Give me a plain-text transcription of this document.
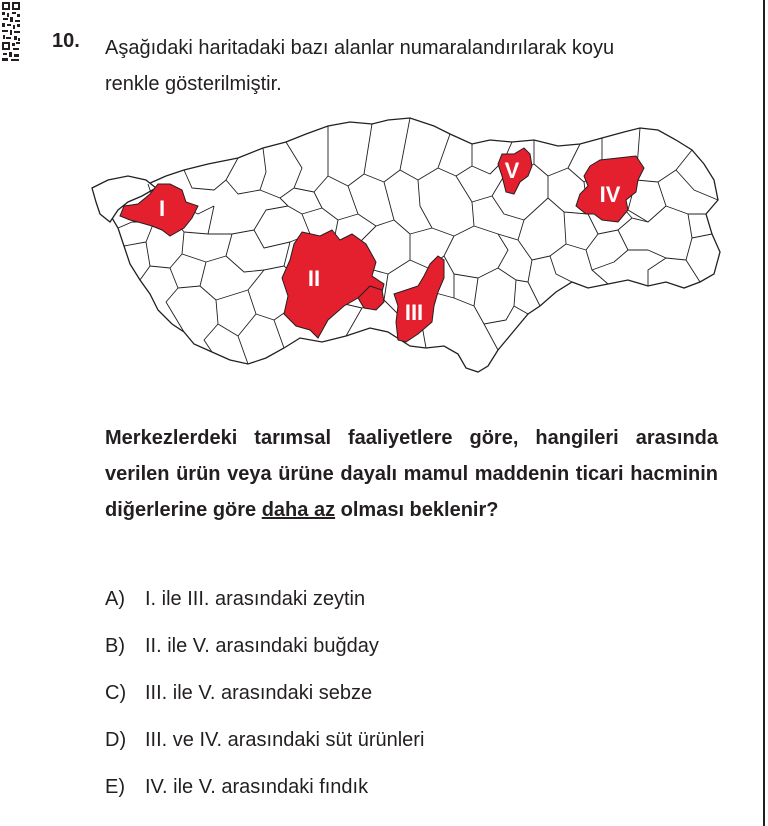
10. Aşağıdaki haritadaki bazı alanlar numaralandırılarak koyu
renkle gösterilmiştir.
I
II
III
IV
V
Merkezlerdeki tarımsal faaliyetlere göre, hangileri arasında verilen ürün veya ürüne dayalı mamul maddenin ticari hacminin diğerlerine göre daha az olması beklenir?
A) I. ile III. arasındaki zeytin
B) II. ile V. arasındaki buğday
C) III. ile V. arasındaki sebze
D) III. ve IV. arasındaki süt ürünleri
E) IV. ile V. arasındaki fındık
